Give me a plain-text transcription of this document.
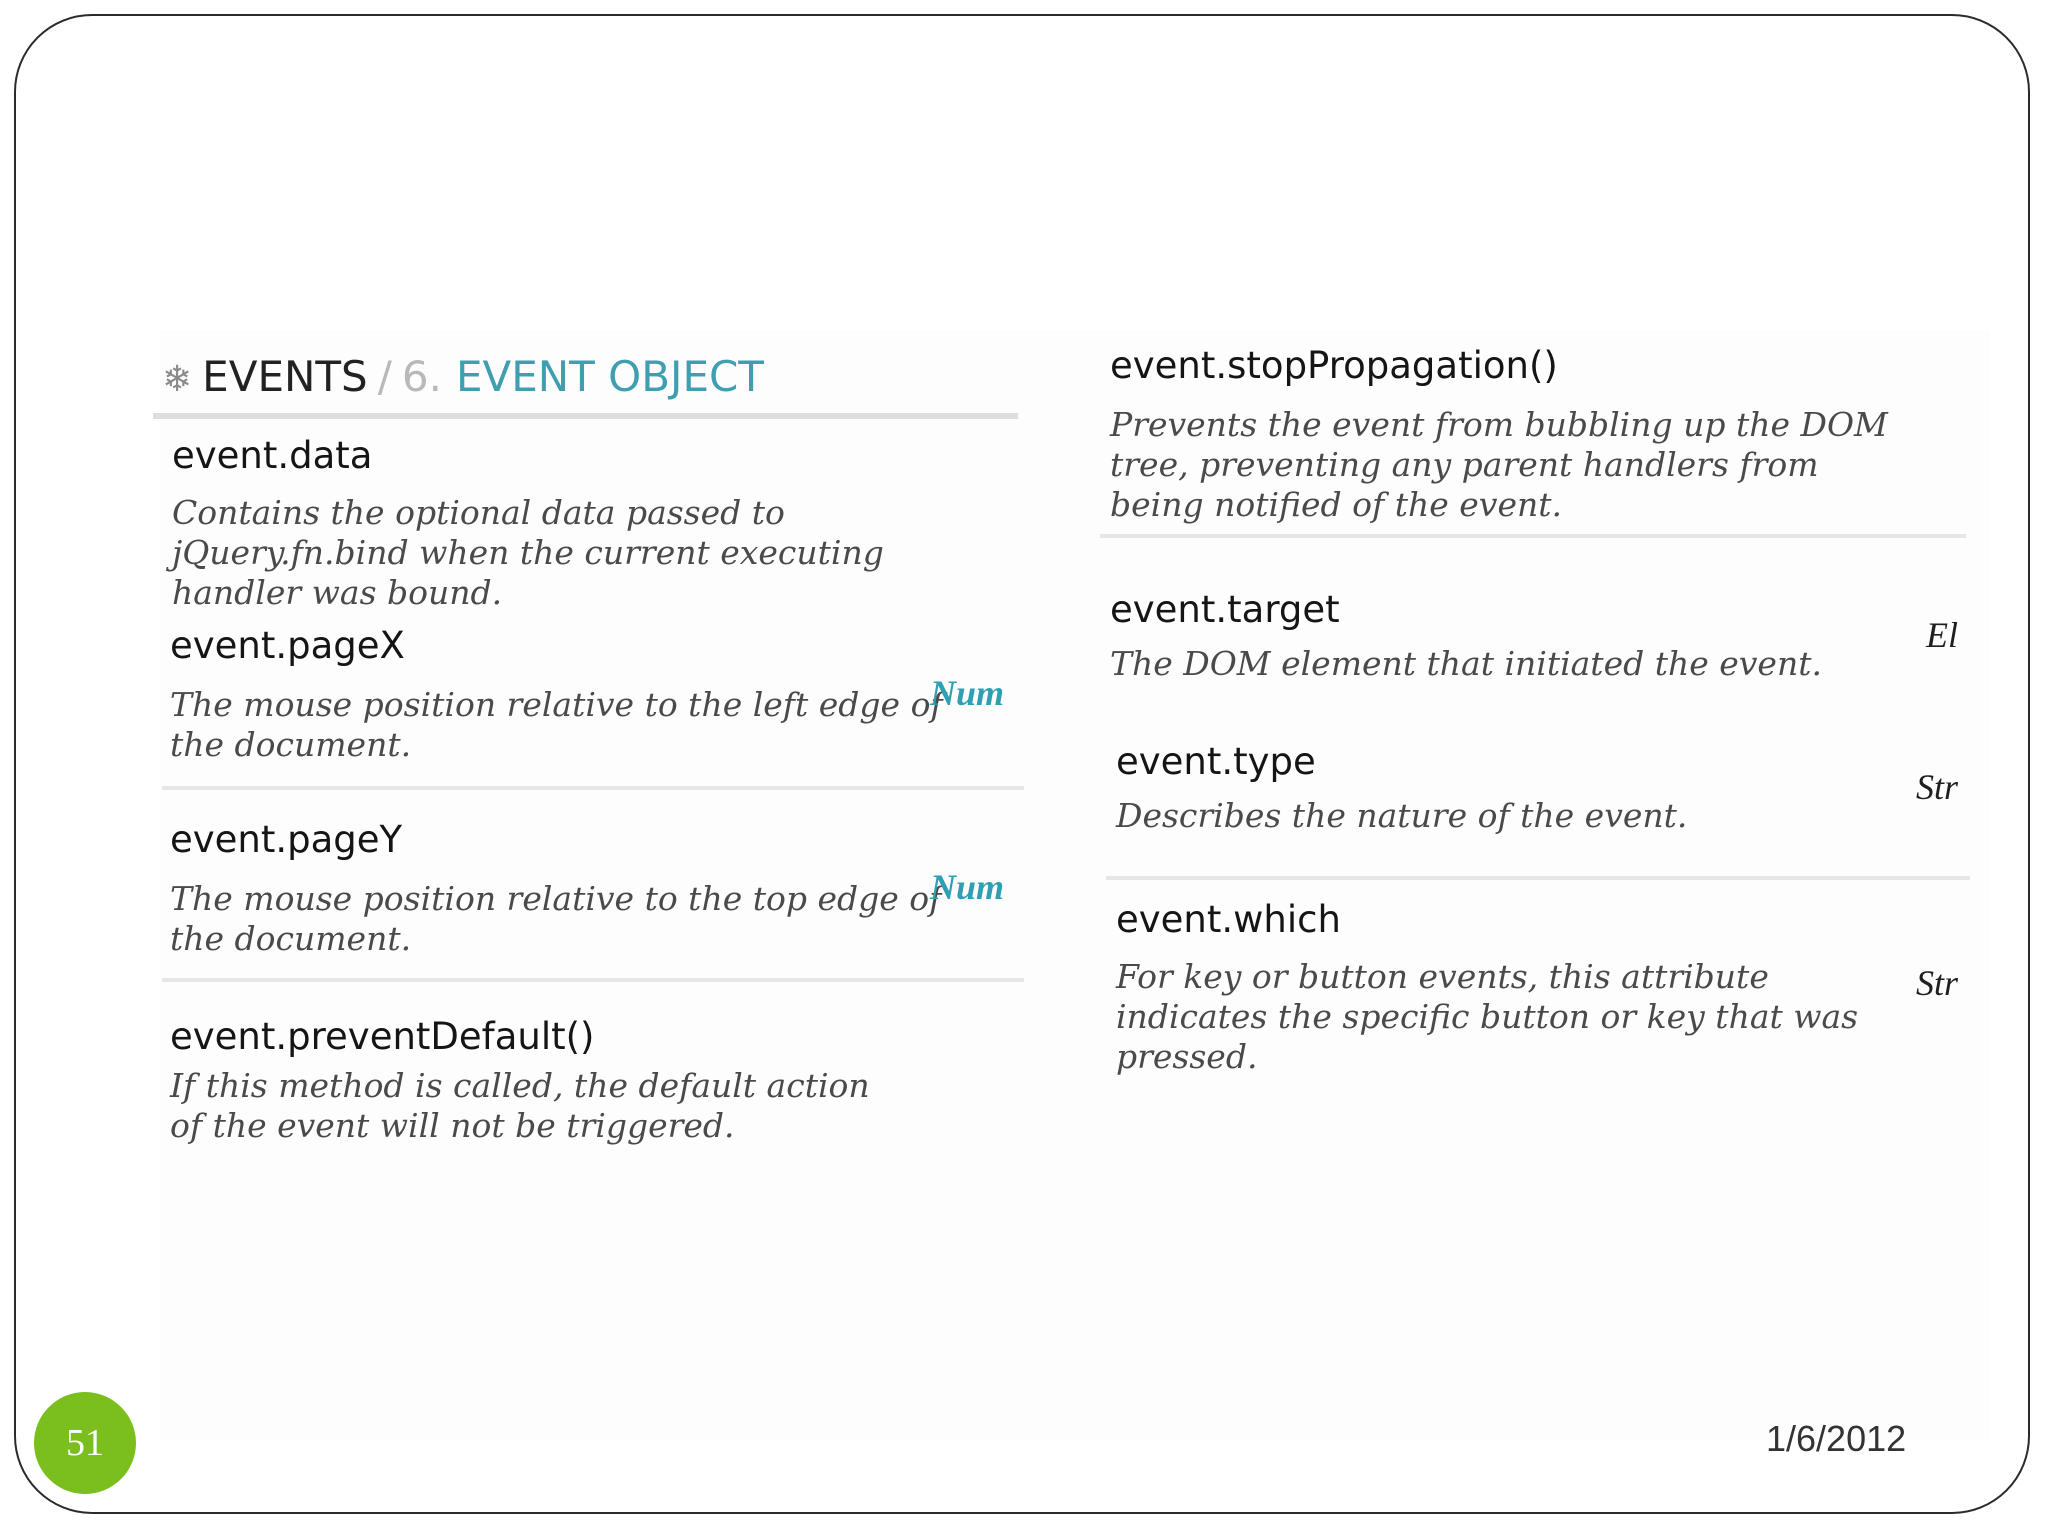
❄ EVENTS / 6. EVENT OBJECT
event.data
Contains the optional data passed to
jQuery.fn.bind when the current executing
handler was bound.
event.pageX
The mouse position relative to the left edge of
the document.
Num
event.pageY
The mouse position relative to the top edge of
the document.
Num
event.preventDefault()
If this method is called, the default action
of the event will not be triggered.
event.stopPropagation()
Prevents the event from bubbling up the DOM
tree, preventing any parent handlers from
being notified of the event.
event.target
The DOM element that initiated the event.
El
event.type
Describes the nature of the event.
Str
event.which
For key or button events, this attribute
indicates the specific button or key that was
pressed.
Str
51	1/6/2012
